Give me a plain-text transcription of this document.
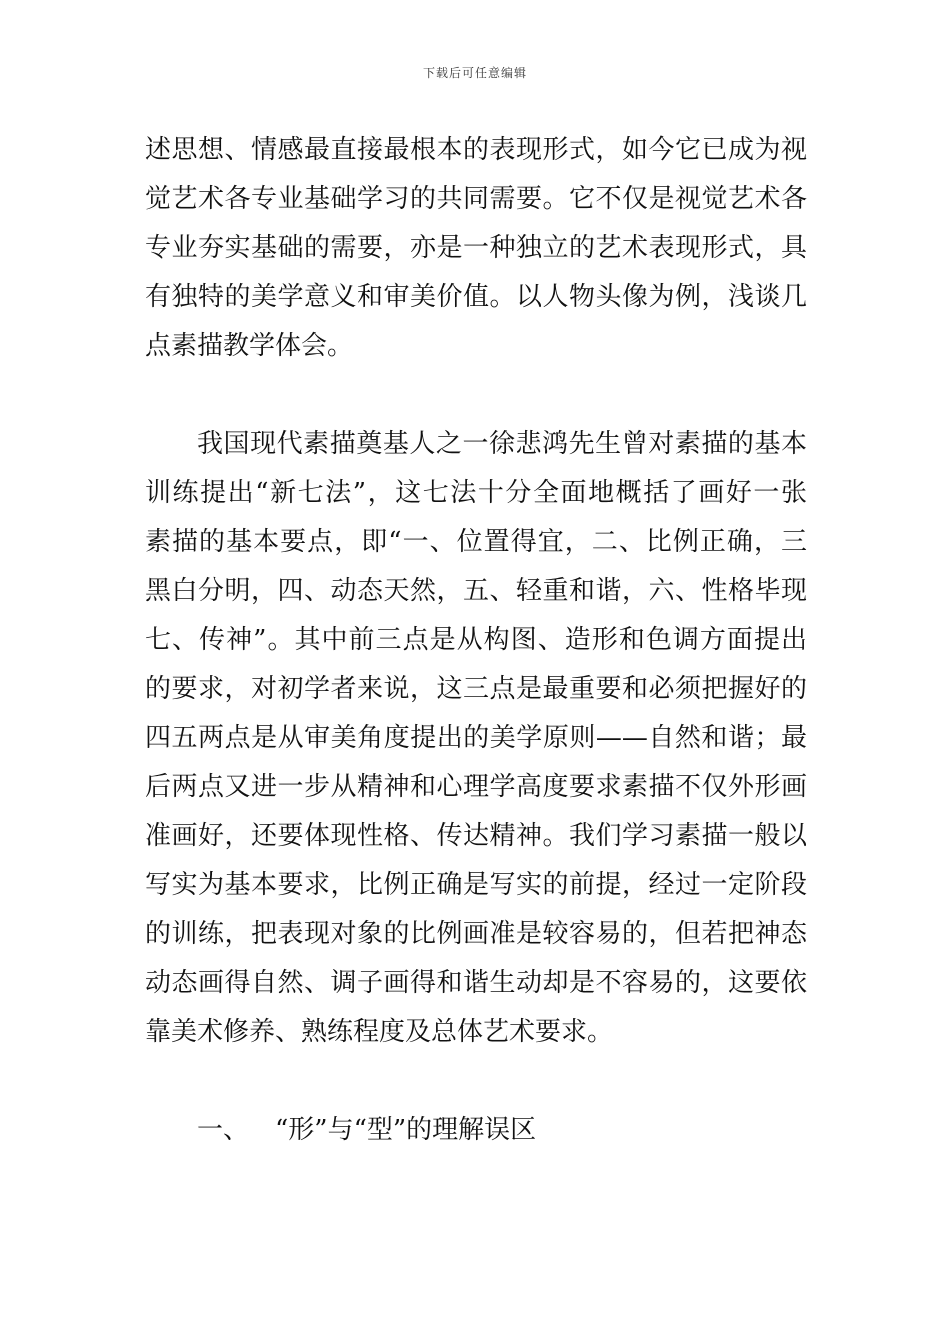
下载后可任意编辑
述思想、情感最直接最根本的表现形式，如今它已成为视
觉艺术各专业基础学习的共同需要。它不仅是视觉艺术各
专业夯实基础的需要，亦是一种独立的艺术表现形式，具
有独特的美学意义和审美价值。以人物头像为例，浅谈几
点素描教学体会。
我国现代素描奠基人之一徐悲鸿先生曾对素描的基本
训练提出“新七法”，这七法十分全面地概括了画好一张
素描的基本要点，即“一、位置得宜，二、比例正确，三
黑白分明，四、动态天然，五、轻重和谐，六、性格毕现
七、传神”。其中前三点是从构图、造形和色调方面提出
的要求，对初学者来说，这三点是最重要和必须把握好的
四五两点是从审美角度提出的美学原则——自然和谐；最
后两点又进一步从精神和心理学高度要求素描不仅外形画
准画好，还要体现性格、传达精神。我们学习素描一般以
写实为基本要求，比例正确是写实的前提，经过一定阶段
的训练，把表现对象的比例画准是较容易的，但若把神态
动态画得自然、调子画得和谐生动却是不容易的，这要依
靠美术修养、熟练程度及总体艺术要求。
一、 “形”与“型”的理解误区
